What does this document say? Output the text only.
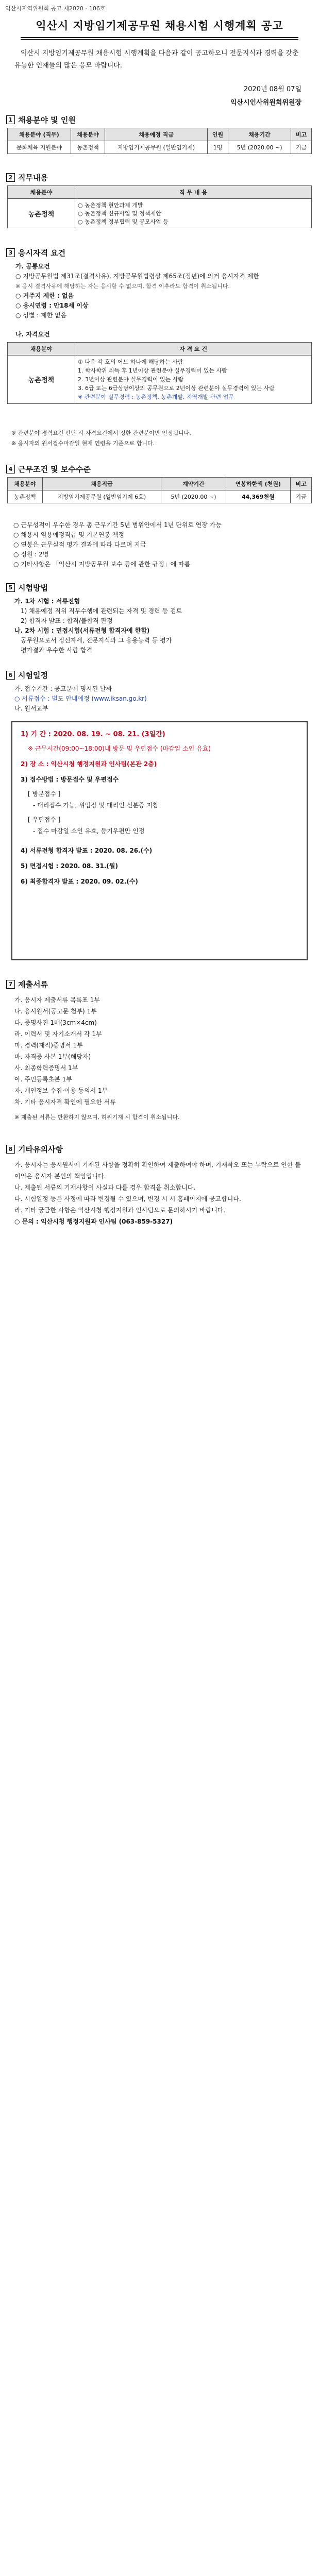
익산시지역위원회 공고 제2020 - 106호
익산시 지방임기제공무원 채용시험 시행계획 공고
익산시 지방임기제공무원 채용시험 시행계획을 다음과 같이 공고하오니 전문지식과 경력을 갖춘 유능한 인재들의 많은 응모 바랍니다.
2020년 08월 07일
익산시인사위원회위원장
1 채용분야 및 인원
채용분야 (직무)	채용분야	채용예정 직급	인원	채용기간	비고
문화체육 지원분야	농촌정책	지방임기제공무원 (일반임기제)	1명	5년 (2020.00 ~)	기금
2 직무내용
채용분야	직 무 내 용
농촌정책	○ 농촌정책 현안과제 개발
○ 농촌정책 신규사업 및 정책제안
○ 농촌정책 정부협력 및 공모사업 등
3 응시자격 요건
가. 공통요건
○ 지방공무원법 제31조(결격사유), 지방공무원법령상 제65조(정년)에 의거 응시자격 제한
※ 응시 결격사유에 해당하는 자는 응시할 수 없으며, 합격 이후라도 합격이 취소됩니다.
○ 거주지 제한 : 없음
○ 응시연령 : 만18세 이상
○ 성별 : 제한 없음
나. 자격요건
채용분야	자 격 요 건
농촌정책	① 다음 각 호의 어느 하나에 해당하는 사람
1. 학사학위 취득 후 1년이상 관련분야 실무경력이 있는 사람
2. 3년이상 관련분야 실무경력이 있는 사람
3. 6급 또는 6급상당이상의 공무원으로 2년이상 관련분야 실무경력이 있는 사람
※ 관련분야 실무경력 : 농촌정책, 농촌개발, 지역개발 관련 업무
※ 관련분야 경력요건 판단 시 자격요건에서 정한 관련분야만 인정됩니다.
※ 응시자의 원서접수마감일 현재 연령을 기준으로 합니다.
4 근무조건 및 보수수준
채용분야	채용직급	계약기간	연봉하한액 (천원)	비고
농촌정책	지방임기제공무원 (일반임기제 6호)	5년 (2020.00 ~)	44,369천원	기금
○ 근무성적이 우수한 경우 총 근무기간 5년 범위안에서 1년 단위로 연장 가능
○ 채용시 임용예정직급 및 기본연봉 책정
○ 연봉은 근무실적 평가 결과에 따라 다르며 지급
○ 정원 : 2명
○ 기타사항은 「익산시 지방공무원 보수 등에 관한 규정」에 따름
5 시험방법
가. 1차 시험 : 서류전형
1) 채용예정 직위 직무수행에 관련되는 자격 및 경력 등 검토
2) 합격자 발표 : 합격/불합격 판정
나. 2차 시험 : 면접시험(서류전형 합격자에 한함)
공무원으로서 정신자세, 전문지식과 그 응용능력 등 평가
평가결과 우수한 사람 합격
6 시험일정
가. 접수기간 : 공고문에 명시된 날짜
○ 서류접수 : 별도 안내예정 (www.iksan.go.kr)
나. 원서교부
1) 기 간 : 2020. 08. 19. ~ 08. 21. (3일간)
※ 근무시간(09:00~18:00)내 방문 및 우편접수 (마감일 소인 유효)
2) 장 소 : 익산시청 행정지원과 인사팀(본관 2층)
3) 접수방법 : 방문접수 및 우편접수
[ 방문접수 ]
- 대리접수 가능, 위임장 및 대리인 신분증 지참
[ 우편접수 ]
- 접수 마감일 소인 유효, 등기우편만 인정
4) 서류전형 합격자 발표 : 2020. 08. 26.(수)
5) 면접시험 : 2020. 08. 31.(월)
6) 최종합격자 발표 : 2020. 09. 02.(수)
7 제출서류
가. 응시자 제출서류 목록표 1부
나. 응시원서(공고문 첨부) 1부
다. 증명사진 1매(3cm×4cm)
라. 이력서 및 자기소개서 각 1부
마. 경력(재직)증명서 1부
바. 자격증 사본 1부(해당자)
사. 최종학력증명서 1부
아. 주민등록초본 1부
자. 개인정보 수집·이용 동의서 1부
차. 기타 응시자격 확인에 필요한 서류
※ 제출된 서류는 반환하지 않으며, 허위기재 시 합격이 취소됩니다.
8 기타유의사항
가. 응시자는 응시원서에 기재된 사항을 정확히 확인하여 제출하여야 하며, 기재착오 또는 누락으로 인한 불이익은 응시자 본인의 책임입니다.
나. 제출된 서류의 기재사항이 사실과 다를 경우 합격을 취소합니다.
다. 시험일정 등은 사정에 따라 변경될 수 있으며, 변경 시 시 홈페이지에 공고합니다.
라. 기타 궁금한 사항은 익산시청 행정지원과 인사팀으로 문의하시기 바랍니다.
○ 문의 : 익산시청 행정지원과 인사팀 (063-859-5327)
